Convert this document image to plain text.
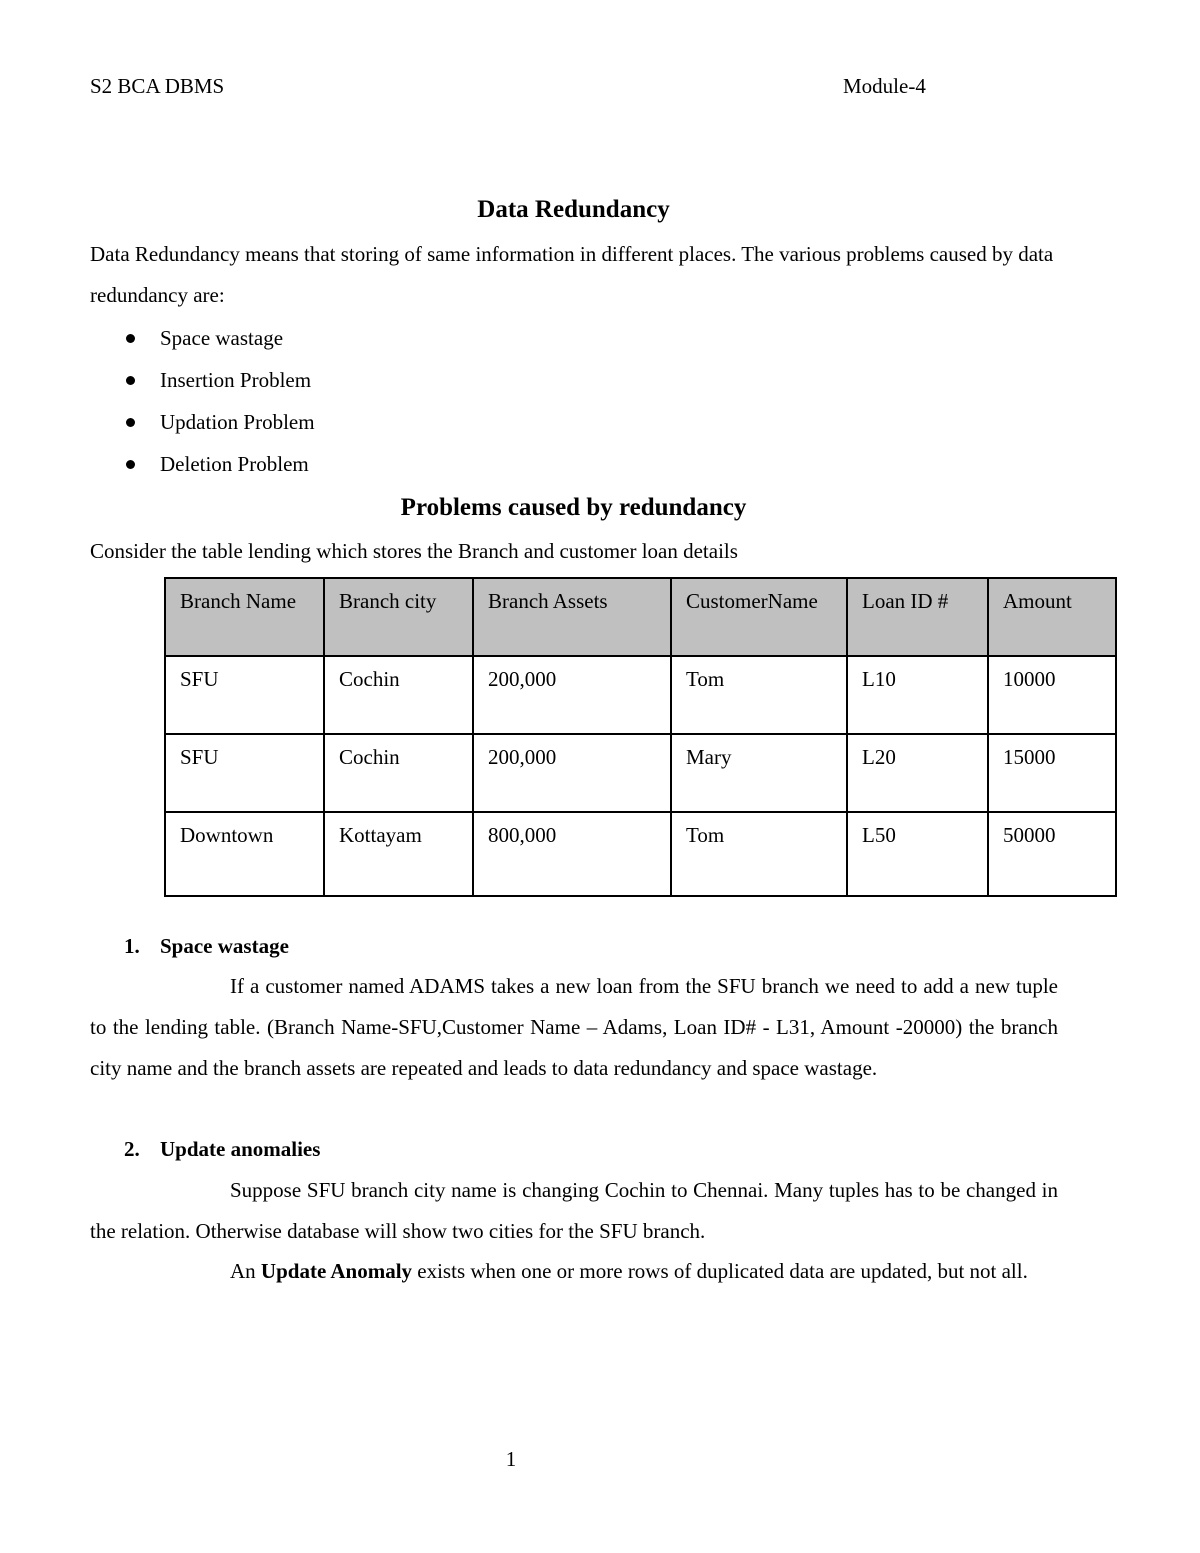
S2 BCA DBMS	Module-4
Data Redundancy
Data Redundancy means that storing of same information in different places. The various problems caused by data redundancy are:
Space wastage
Insertion Problem
Updation Problem
Deletion Problem
Problems caused by redundancy
Consider the table lending which stores the Branch and customer loan details
Branch Name	Branch city	Branch Assets	CustomerName	Loan ID #	Amount
SFU	Cochin	200,000	Tom	L10	10000
SFU	Cochin	200,000	Mary	L20	15000
Downtown	Kottayam	800,000	Tom	L50	50000
1. Space wastage
If a customer named ADAMS takes a new loan from the SFU branch we need to add a new tuple to the lending table. (Branch Name-SFU,Customer Name – Adams, Loan ID# - L31, Amount -20000) the branch city name and the branch assets are repeated and leads to data redundancy and space wastage.
2. Update anomalies
Suppose SFU branch city name is changing Cochin to Chennai. Many tuples has to be changed in the relation. Otherwise database will show two cities for the SFU branch.
An Update Anomaly exists when one or more rows of duplicated data are updated, but not all.
1
